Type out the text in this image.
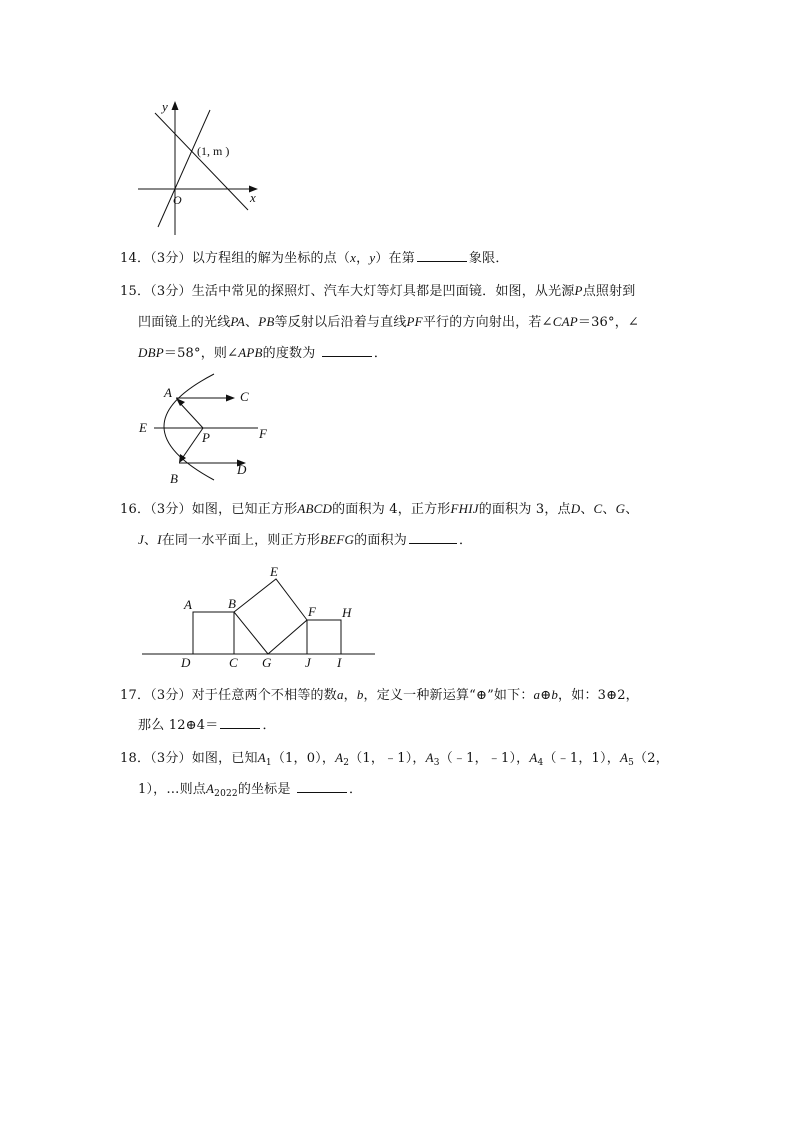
y
x
O
(1, m )
14．（3分）以方程组的解为坐标的点（x，y）在第	象限．
15．（3分）生活中常见的探照灯、汽车大灯等灯具都是凹面镜．如图，从光源P点照射到
凹面镜上的光线PA、PB等反射以后沿着与直线PF平行的方向射出，若∠CAP＝36°，∠
DBP＝58°，则∠APB的度数为	．
A	C
E
P	F
B
D
16．（3分）如图，已知正方形ABCD的面积为 4，正方形FHIJ的面积为 3，点D、C、G、
J、I在同一水平面上，则正方形BEFG的面积为	．
E
A	B
F H
D	C G	J I
17．（3分）对于任意两个不相等的数a，b，定义一种新运算“⊕”如下：a⊕b，如：3⊕2，
那么 12⊕4＝	．
18．（3分）如图，已知$A_1(1$，0），$A_2(1$，﹣1），$A_3(﹣1$，﹣1），$A_4(﹣1$，1），$A_5(2$，
1），…则点$A_{2022}$的坐标是	．
